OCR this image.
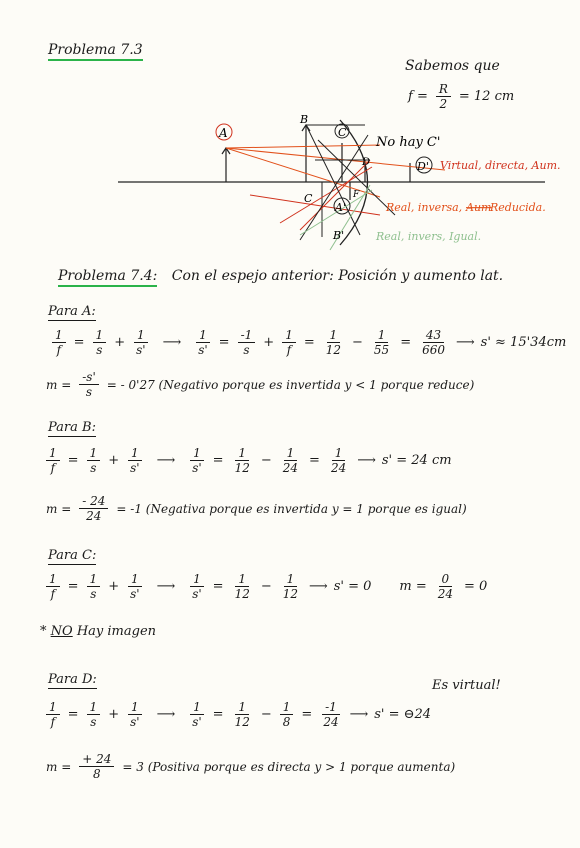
Problema 7.3
Sabemos que
$f = \frac{R}{2} = 12$ cm
A	C
D'
A'
B
C
D
F
B'
No hay C'
Virtual, directa, Aum.
Real, inversa, Aum
Reducida.
Real, invers, Igual.
Problema 7.4: Con el espejo anterior: Posición y aumento lat.
Para A:
$\frac{1}{f} = \frac{1}{s} + \frac{1}{s'}$ ⟶ $\frac{1}{s'} = \frac{-1}{s} + \frac{1}{f} = \frac{1}{12} - \frac{1}{55} = \frac{43}{660}$ ⟶ s' ≈ 15'34cm
$m = \frac{-s'}{s}$ = - 0'27 (Negativo porque es invertida y < 1 porque reduce)
Para B:
$\frac{1}{f} = \frac{1}{s} + \frac{1}{s'}$ ⟶ $\frac{1}{s'} = \frac{1}{12} - \frac{1}{24} = \frac{1}{24}$ ⟶ s' = 24 cm
$m = \frac{- 24}{24} = -1$ (Negativa porque es invertida y = 1 porque es igual)
Para C:
$\frac{1}{f} = \frac{1}{s} + \frac{1}{s'}$ ⟶ $\frac{1}{s'} = \frac{1}{12} - \frac{1}{12}$ ⟶ s' = 0 $m = \frac{0}{24} = 0$
* NO Hay imagen
Para D:	Es virtual!
$\frac{1}{f} = \frac{1}{s} + \frac{1}{s'}$ ⟶ $\frac{1}{s'} = \frac{1}{12} - \frac{1}{8} = \frac{-1}{24}$ ⟶ s' = ⊖24
$m = \frac{+ 24}{8} = 3$ (Positiva porque es directa y > 1 porque aumenta)
